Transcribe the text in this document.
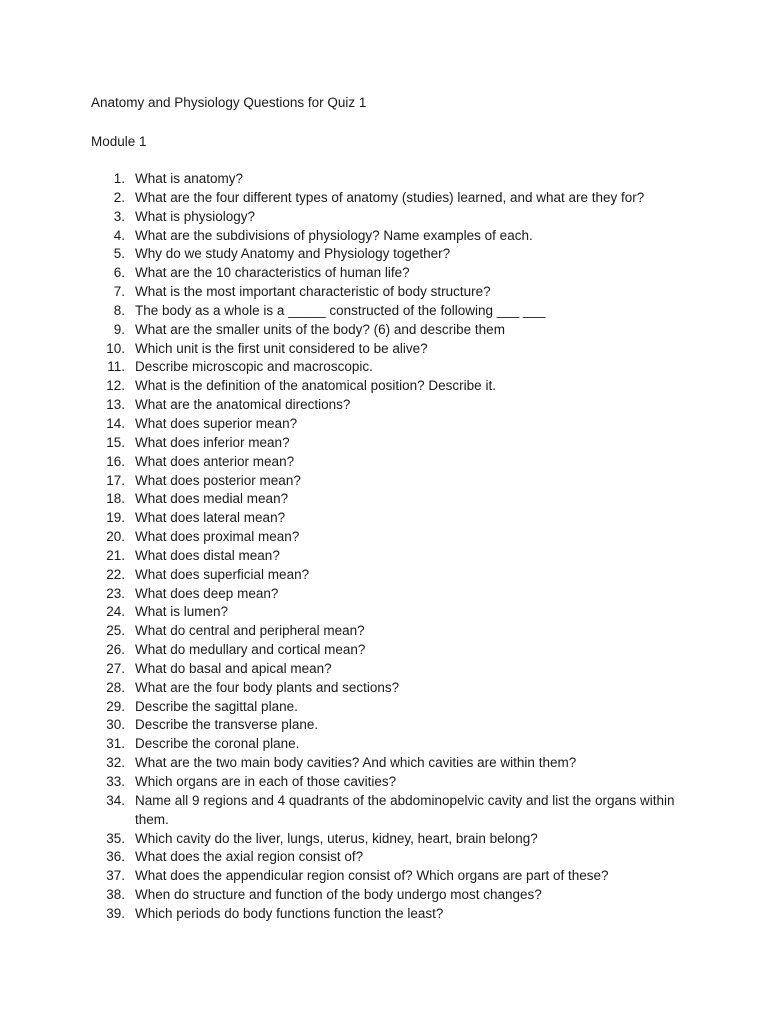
Anatomy and Physiology Questions for Quiz 1
Module 1
1. What is anatomy?
2. What are the four different types of anatomy (studies) learned, and what are they for?
3. What is physiology?
4. What are the subdivisions of physiology? Name examples of each.
5. Why do we study Anatomy and Physiology together?
6. What are the 10 characteristics of human life?
7. What is the most important characteristic of body structure?
8. The body as a whole is a _____ constructed of the following ___ ___
9. What are the smaller units of the body? (6) and describe them
10. Which unit is the first unit considered to be alive?
11. Describe microscopic and macroscopic.
12. What is the definition of the anatomical position? Describe it.
13. What are the anatomical directions?
14. What does superior mean?
15. What does inferior mean?
16. What does anterior mean?
17. What does posterior mean?
18. What does medial mean?
19. What does lateral mean?
20. What does proximal mean?
21. What does distal mean?
22. What does superficial mean?
23. What does deep mean?
24. What is lumen?
25. What do central and peripheral mean?
26. What do medullary and cortical mean?
27. What do basal and apical mean?
28. What are the four body plants and sections?
29. Describe the sagittal plane.
30. Describe the transverse plane.
31. Describe the coronal plane.
32. What are the two main body cavities? And which cavities are within them?
33. Which organs are in each of those cavities?
34. Name all 9 regions and 4 quadrants of the abdominopelvic cavity and list the organs within them.
35. Which cavity do the liver, lungs, uterus, kidney, heart, brain belong?
36. What does the axial region consist of?
37. What does the appendicular region consist of? Which organs are part of these?
38. When do structure and function of the body undergo most changes?
39. Which periods do body functions function the least?
